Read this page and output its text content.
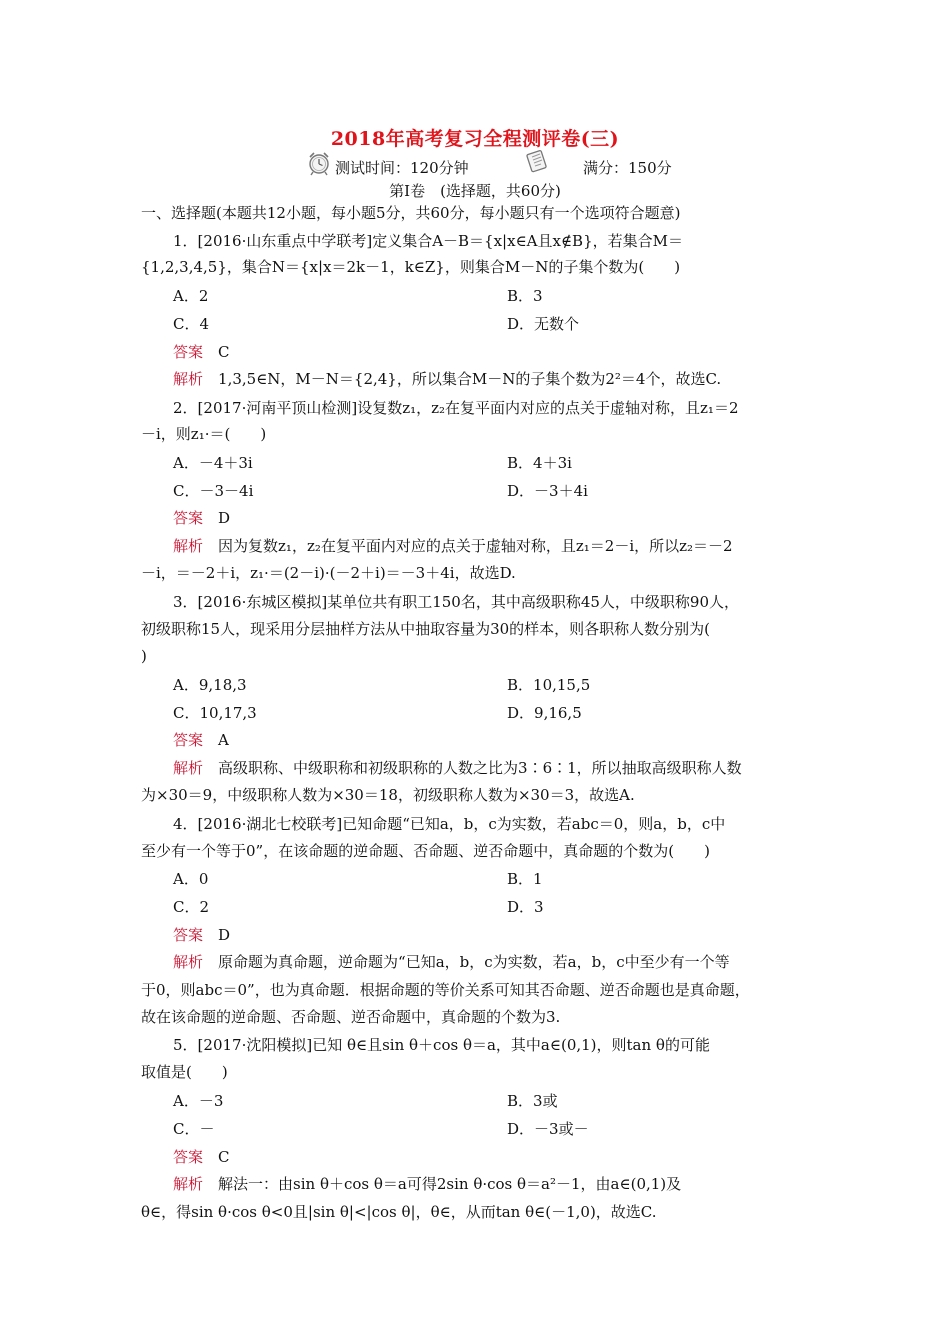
2018年高考复习全程测评卷(三)
测试时间：120分钟	满分：150分
第Ⅰ卷　(选择题，共60分)
一、选择题(本题共12小题，每小题5分，共60分，每小题只有一个选项符合题意)
1．[2016·山东重点中学联考]定义集合A－B＝{x|x∈A且x∉B}，若集合M＝
{1,2,3,4,5}，集合N＝{x|x＝2k－1，k∈Z}，则集合M－N的子集个数为(　　)
A．2	B．3
C．4	D．无数个
答案　 C
解析　 1,3,5∈N，M－N＝{2,4}，所以集合M－N的子集个数为2²＝4个，故选C.
2．[2017·河南平顶山检测]设复数z₁，z₂在复平面内对应的点关于虚轴对称，且z₁＝2
－i，则z₁·＝(　　)
A．－4＋3i	B．4＋3i
C．－3－4i	D．－3＋4i
答案　 D
解析　 因为复数z₁，z₂在复平面内对应的点关于虚轴对称，且z₁＝2－i，所以z₂＝－2
－i，＝－2＋i，z₁·＝(2－i)·(－2＋i)＝－3＋4i，故选D.
3．[2016·东城区模拟]某单位共有职工150名，其中高级职称45人，中级职称90人，
初级职称15人，现采用分层抽样方法从中抽取容量为30的样本，则各职称人数分别为(
)
A．9,18,3	B．10,15,5
C．10,17,3	D．9,16,5
答案　 A
解析　 高级职称、中级职称和初级职称的人数之比为3∶6∶1，所以抽取高级职称人数
为×30＝9，中级职称人数为×30＝18，初级职称人数为×30＝3，故选A.
4．[2016·湖北七校联考]已知命题“已知a，b，c为实数，若abc＝0，则a，b，c中
至少有一个等于0”，在该命题的逆命题、否命题、逆否命题中，真命题的个数为(　　)
A．0	B．1
C．2	D．3
答案　 D
解析　 原命题为真命题，逆命题为“已知a，b，c为实数，若a，b，c中至少有一个等
于0，则abc＝0”，也为真命题．根据命题的等价关系可知其否命题、逆否命题也是真命题，
故在该命题的逆命题、否命题、逆否命题中，真命题的个数为3.
5．[2017·沈阳模拟]已知 θ∈且sin θ＋cos θ＝a，其中a∈(0,1)，则tan θ的可能
取值是(　　)
A．－3	B．3或
C．－	D．－3或－
答案　 C
解析　 解法一：由sin θ＋cos θ＝a可得2sin θ·cos θ＝a²－1，由a∈(0,1)及
θ∈，得sin θ·cos θ<0且|sin θ|<|cos θ|，θ∈，从而tan θ∈(－1,0)，故选C.
